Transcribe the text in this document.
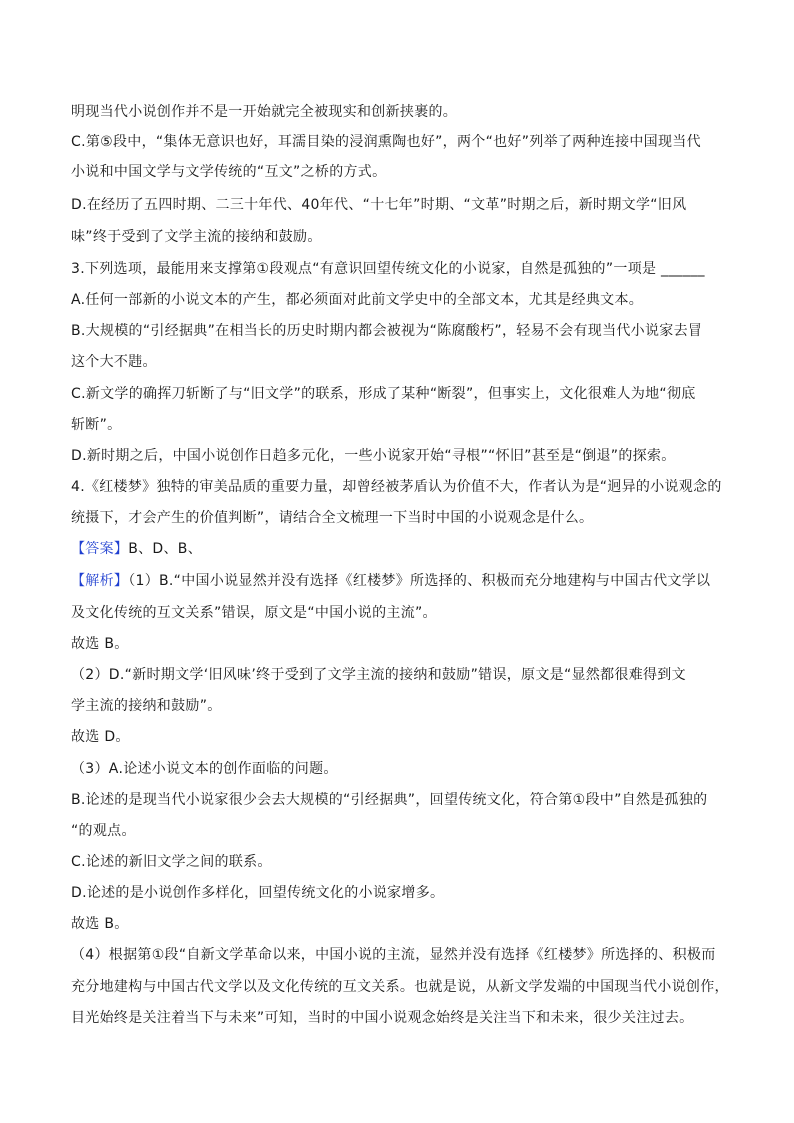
明现当代小说创作并不是一开始就完全被现实和创新挟裹的。
C.第⑤段中，“集体无意识也好，耳濡目染的浸润熏陶也好”，两个“也好”列举了两种连接中国现当代
小说和中国文学与文学传统的“互文”之桥的方式。
D.在经历了五四时期、二三十年代、40年代、“十七年”时期、“文革”时期之后，新时期文学“旧风
味”终于受到了文学主流的接纳和鼓励。
3.下列选项，最能用来支撑第①段观点“有意识回望传统文化的小说家，自然是孤独的”一项是 ______
A.任何一部新的小说文本的产生，都必须面对此前文学史中的全部文本，尤其是经典文本。
B.大规模的“引经据典”在相当长的历史时期内都会被视为“陈腐酸朽”，轻易不会有现当代小说家去冒
这个大不韪。
C.新文学的确挥刀斩断了与“旧文学”的联系，形成了某种“断裂”，但事实上，文化很难人为地“彻底
斩断”。
D.新时期之后，中国小说创作日趋多元化，一些小说家开始“寻根”“怀旧”甚至是“倒退”的探索。
4.《红楼梦》独特的审美品质的重要力量，却曾经被茅盾认为价值不大，作者认为是“迥异的小说观念的
统摄下，才会产生的价值判断”，请结合全文梳理一下当时中国的小说观念是什么。
【答案】B、D、B、
【解析】（1）B.“中国小说显然并没有选择《红楼梦》所选择的、积极而充分地建构与中国古代文学以
及文化传统的互文关系”错误，原文是“中国小说的主流”。
故选 B。
（2）D.“新时期文学‘旧风味’终于受到了文学主流的接纳和鼓励”错误，原文是“显然都很难得到文
学主流的接纳和鼓励”。
故选 D。
（3）A.论述小说文本的创作面临的问题。
B.论述的是现当代小说家很少会去大规模的“引经据典”，回望传统文化，符合第①段中”自然是孤独的
“的观点。
C.论述的新旧文学之间的联系。
D.论述的是小说创作多样化，回望传统文化的小说家增多。
故选 B。
（4）根据第①段“自新文学革命以来，中国小说的主流，显然并没有选择《红楼梦》所选择的、积极而
充分地建构与中国古代文学以及文化传统的互文关系。也就是说，从新文学发端的中国现当代小说创作，
目光始终是关注着当下与未来”可知，当时的中国小说观念始终是关注当下和未来，很少关注过去。
